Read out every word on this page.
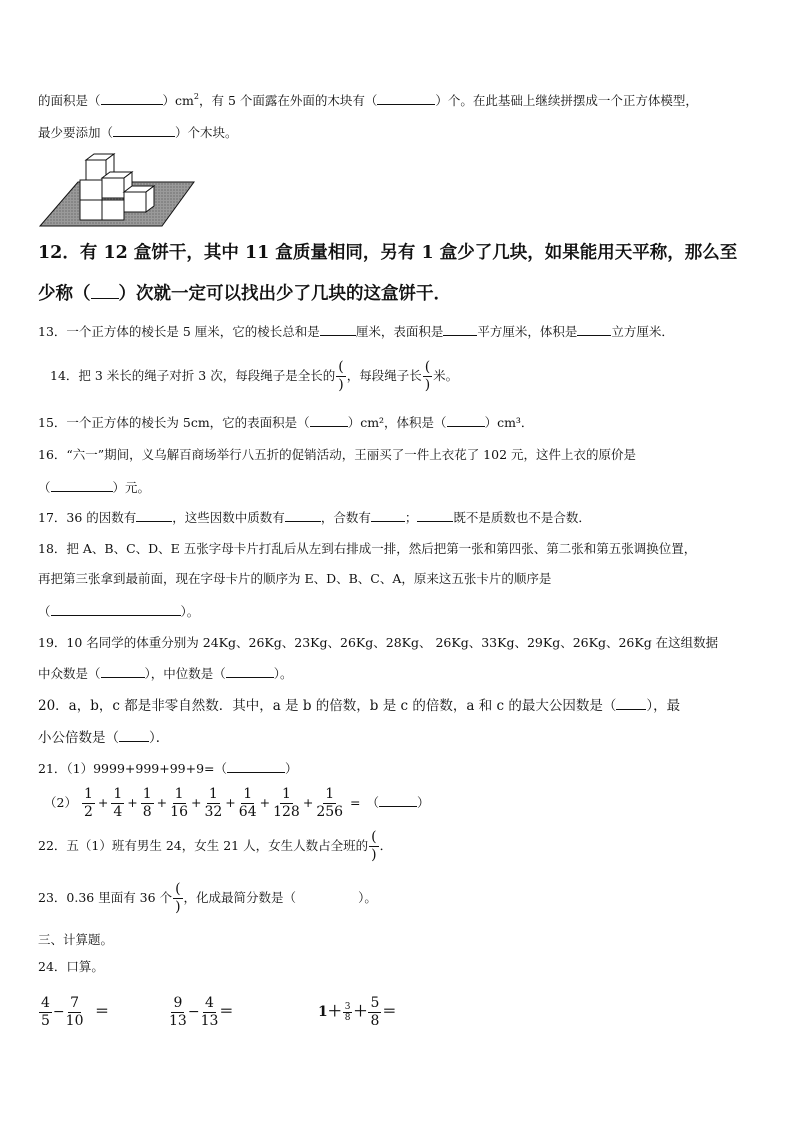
的面积是（	）$cm^2$，有 5 个面露在外面的木块有（	）个。在此基础上继续拼摆成一个正方体模型，
最少要添加（	）个木块。
12．有 12 盒饼干，其中 11 盒质量相同，另有 1 盒少了几块，如果能用天平称，那么至
少称（ ）次就一定可以找出少了几块的这盒饼干．
13．一个正方体的棱长是 5 厘米，它的棱长总和是	厘米，表面积是	平方厘米，体积是	立方厘米．
14．把 3 米长的绳子对折 3 次，每段绳子是全长的 $\frac{(}{)}$ ，每段绳子长 $\frac{(}{)}$ 米。
15．一个正方体的棱长为 5cm，它的表面积是（	）cm²，体积是（	）cm³．
16．“六一”期间，义乌解百商场举行八五折的促销活动，王丽买了一件上衣花了 102 元，这件上衣的原价是
（	）元。
17．36 的因数有	，这些因数中质数有	，合数有	；	既不是质数也不是合数．
18．把 A、B、C、D、E 五张字母卡片打乱后从左到右排成一排，然后把第一张和第四张、第二张和第五张调换位置，
再把第三张拿到最前面，现在字母卡片的顺序为 E、D、B、C、A，原来这五张卡片的顺序是
（	）。
19．10 名同学的体重分别为 24Kg、26Kg、23Kg、26Kg、28Kg、 26Kg、33Kg、29Kg、26Kg、26Kg 在这组数据
中众数是（	），中位数是（	）。
20．a，b，c 都是非零自然数．其中，a 是 b 的倍数，b 是 c 的倍数，a 和 c 的最大公因数是（ ），最
小公倍数是（ ）．
21．（1）9999+999+99+9=（	）
$(2) \frac{1}{2} + \frac{1}{4} + \frac{1}{8} + \frac{1}{16} + \frac{1}{32} + \frac{1}{64} + \frac{1}{128} + \frac{1}{256}$ = （	）
22．五（1）班有男生 24，女生 21 人，女生人数占全班的 $\frac{(}{)}$ ．
23．0.36 里面有 36 个 $\frac{(}{)}$ ，化成最简分数是（	）。
三、计算题。
24．口算。
$\frac{4}{5} - \frac{7}{10}$ ＝	$\frac{9}{13} - \frac{4}{13}$ ＝	$1+ \frac{3}{8} + \frac{5}{8}$ ＝
